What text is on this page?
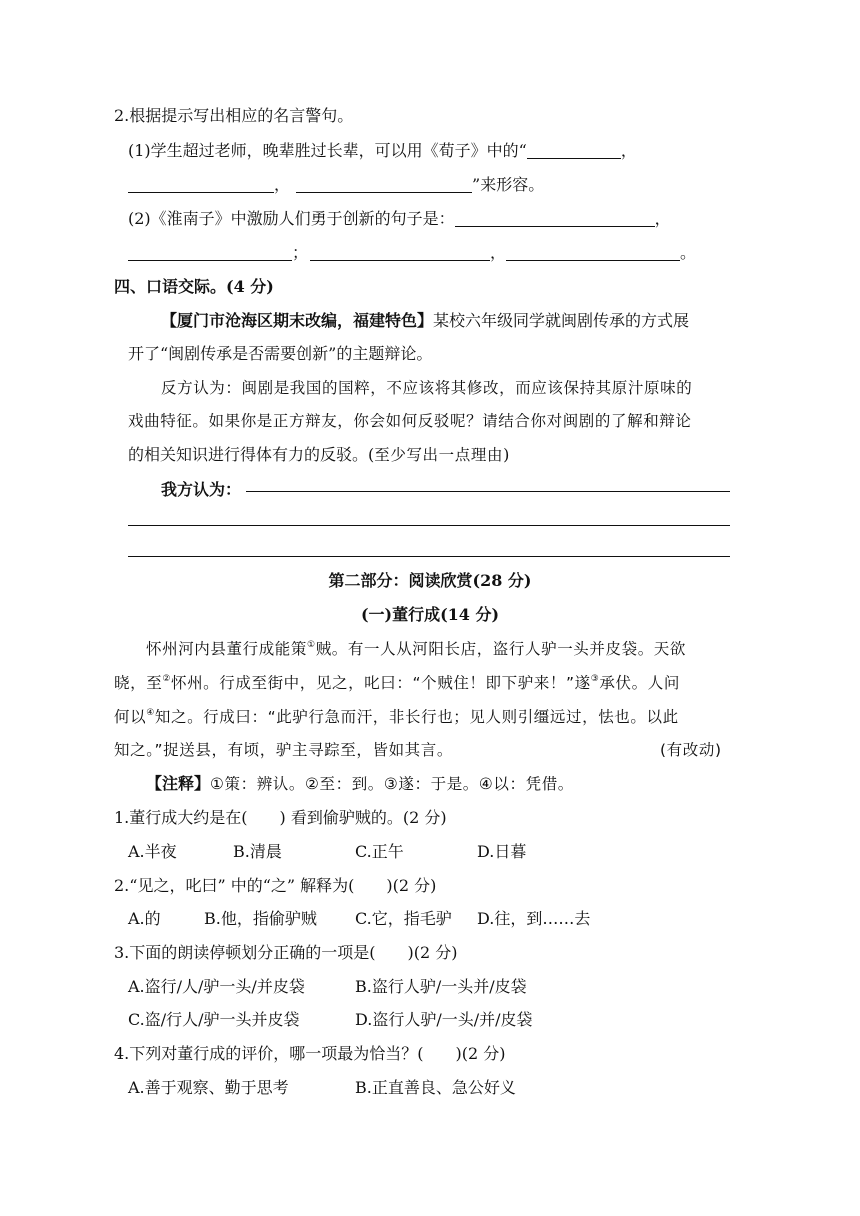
2.根据提示写出相应的名言警句。
(1)学生超过老师，晚辈胜过长辈，可以用《荀子》中的“	，
，	”来形容。
(2)《淮南子》中激励人们勇于创新的句子是：	，
；	，	。
四、口语交际。(4 分)
【厦门市沧海区期末改编，福建特色】某校六年级同学就闽剧传承的方式展
开了“闽剧传承是否需要创新”的主题辩论。
反方认为：闽剧是我国的国粹，不应该将其修改，而应该保持其原汁原味的
戏曲特征。如果你是正方辩友，你会如何反驳呢？请结合你对闽剧的了解和辩论
的相关知识进行得体有力的反驳。(至少写出一点理由)
我方认为：
第二部分：阅读欣赏(28 分)
(一)董行成(14 分)
怀州河内县董行成能策①贼。有一人从河阳长店，盗行人驴一头并皮袋。天欲
晓，至②怀州。行成至街中，见之，叱曰：“个贼住！即下驴来！”遂③承伏。人问
何以④知之。行成曰：“此驴行急而汗，非长行也；见人则引缰远过，怯也。以此
知之。”捉送县，有顷，驴主寻踪至，皆如其言。	(有改动)
【注释】①策：辨认。②至：到。③遂：于是。④以：凭借。
1.董行成大约是在(　　) 看到偷驴贼的。(2 分)
A.半夜	B.清晨	C.正午	D.日暮
2.“见之，叱曰” 中的“之” 解释为(　　)(2 分)
A.的	B.他，指偷驴贼 C.它，指毛驴 D.往，到……去
3.下面的朗读停顿划分正确的一项是(　　)(2 分)
A.盗行/人/驴一头/并皮袋	B.盗行人驴/一头并/皮袋
C.盗/行人/驴一头并皮袋	D.盗行人驴/一头/并/皮袋
4.下列对董行成的评价，哪一项最为恰当？(　　)(2 分)
A.善于观察、勤于思考	B.正直善良、急公好义
